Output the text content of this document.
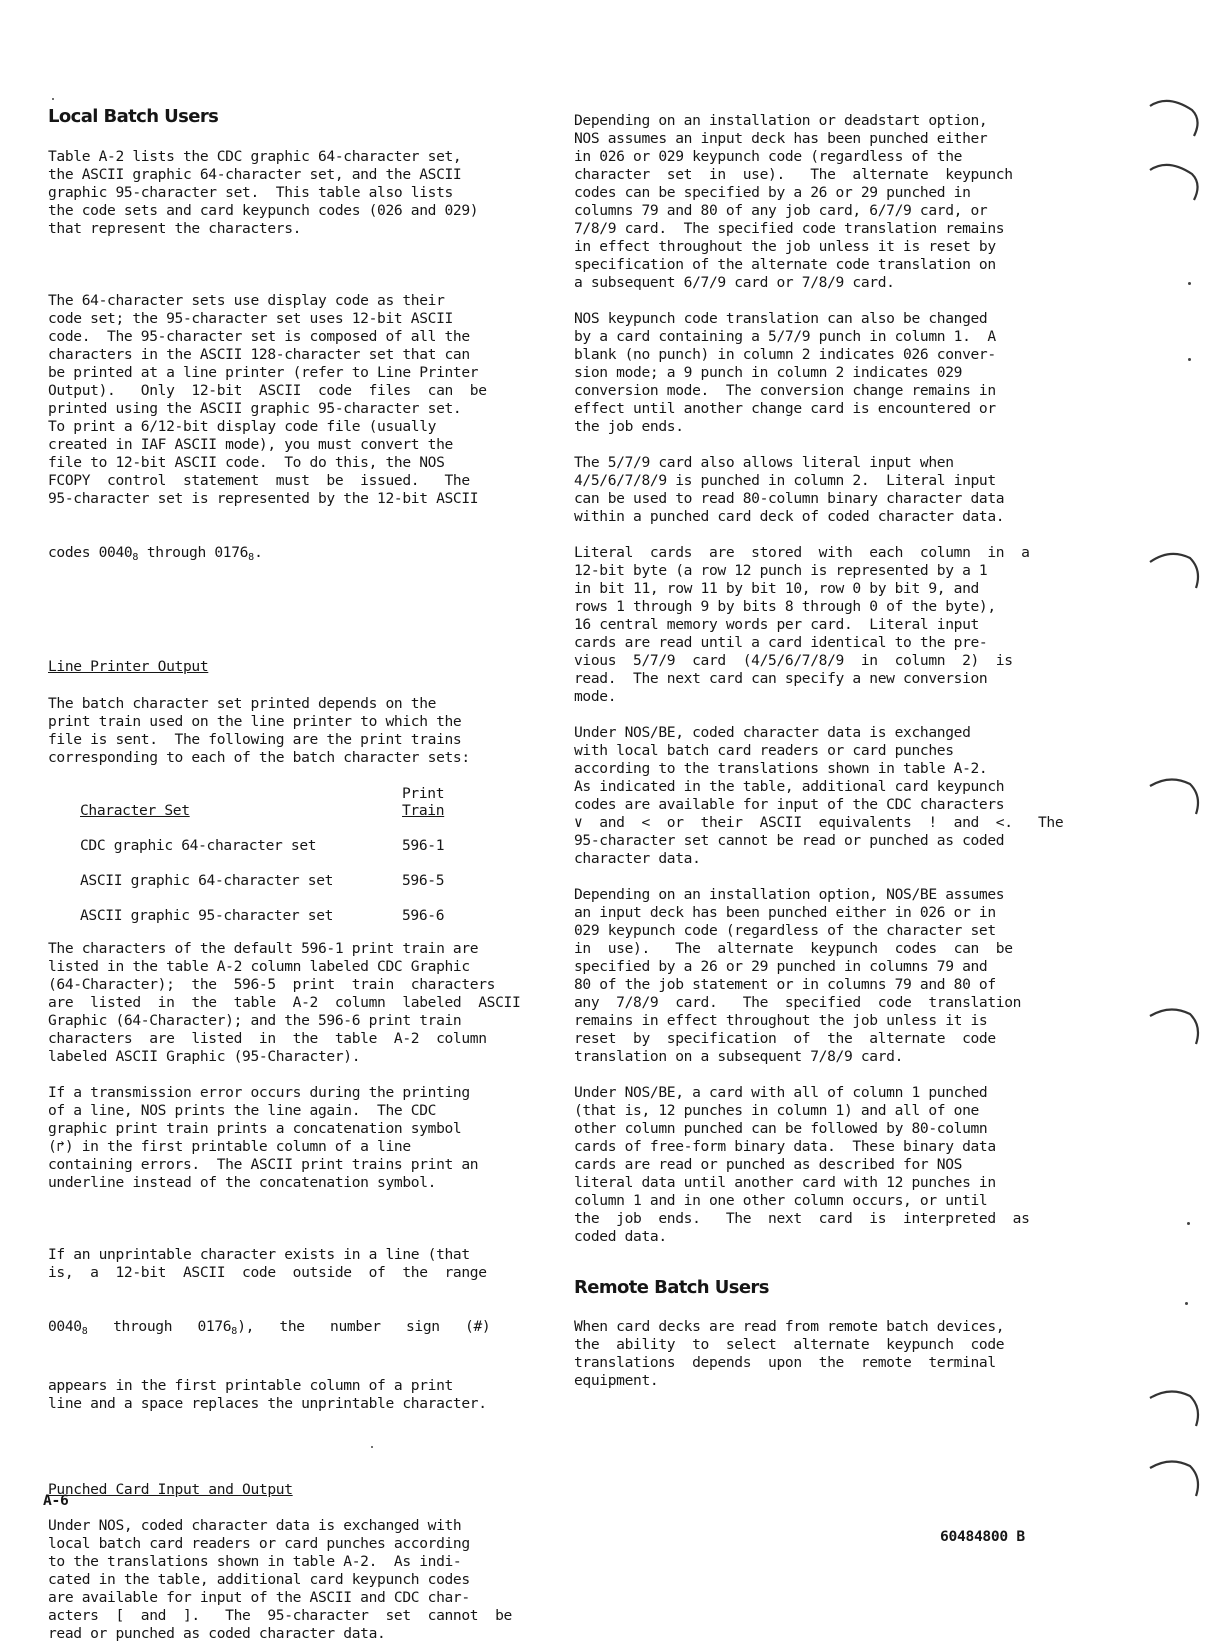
Local Batch Users
Table A-2 lists the CDC graphic 64-character set,
the ASCII graphic 64-character set, and the ASCII
graphic 95-character set.  This table also lists
the code sets and card keypunch codes (026 and 029)
that represent the characters.

The 64-character sets use display code as their
code set; the 95-character set uses 12-bit ASCII
code.  The 95-character set is composed of all the
characters in the ASCII 128-character set that can
be printed at a line printer (refer to Line Printer
Output).   Only  12-bit  ASCII  code  files  can  be
printed using the ASCII graphic 95-character set.
To print a 6/12-bit display code file (usually
created in IAF ASCII mode), you must convert the
file to 12-bit ASCII code.  To do this, the NOS
FCOPY  control  statement  must  be  issued.   The
95-character set is represented by the 12-bit ASCII

codes $0040_8$ through $0176_8$.

Line Printer Output
The batch character set printed depends on the
print train used on the line printer to which the
file is sent.  The following are the print trains
corresponding to each of the batch character sets:
Character Set	Print
Train

CDC graphic 64-character set	596-1
ASCII graphic 64-character set	596-5
ASCII graphic 95-character set	596-6
The characters of the default 596-1 print train are
listed in the table A-2 column labeled CDC Graphic
(64-Character);  the  596-5  print  train  characters
are  listed  in  the  table  A-2  column  labeled  ASCII
Graphic (64-Character); and the 596-6 print train
characters  are  listed  in  the  table  A-2  column
labeled ASCII Graphic (95-Character).
If a transmission error occurs during the printing
of a line, NOS prints the line again.  The CDC
graphic print train prints a concatenation symbol
(↱) in the first printable column of a line
containing errors.  The ASCII print trains print an
underline instead of the concatenation symbol.

If an unprintable character exists in a line (that
is,  a  12-bit  ASCII  code  outside  of  the  range

$0040_8$   through   $0176_8$),   the   number   sign   (#)

appears in the first printable column of a print
line and a space replaces the unprintable character.

Punched Card Input and Output
Under NOS, coded character data is exchanged with
local batch card readers or card punches according
to the translations shown in table A-2.  As indi-
cated in the table, additional card keypunch codes
are available for input of the ASCII and CDC char-
acters  [  and  ].   The  95-character  set  cannot  be
read or punched as coded character data.
Depending on an installation or deadstart option,
NOS assumes an input deck has been punched either
in 026 or 029 keypunch code (regardless of the
character  set  in  use).   The  alternate  keypunch
codes can be specified by a 26 or 29 punched in
columns 79 and 80 of any job card, 6/7/9 card, or
7/8/9 card.  The specified code translation remains
in effect throughout the job unless it is reset by
specification of the alternate code translation on
a subsequent 6/7/9 card or 7/8/9 card.
NOS keypunch code translation can also be changed
by a card containing a 5/7/9 punch in column 1.  A
blank (no punch) in column 2 indicates 026 conver-
sion mode; a 9 punch in column 2 indicates 029
conversion mode.  The conversion change remains in
effect until another change card is encountered or
the job ends.
The 5/7/9 card also allows literal input when
4/5/6/7/8/9 is punched in column 2.  Literal input
can be used to read 80-column binary character data
within a punched card deck of coded character data.
Literal  cards  are  stored  with  each  column  in  a
12-bit byte (a row 12 punch is represented by a 1
in bit 11, row 11 by bit 10, row 0 by bit 9, and
rows 1 through 9 by bits 8 through 0 of the byte),
16 central memory words per card.  Literal input
cards are read until a card identical to the pre-
vious  5/7/9  card  (4/5/6/7/8/9  in  column  2)  is
read.  The next card can specify a new conversion
mode.
Under NOS/BE, coded character data is exchanged
with local batch card readers or card punches
according to the translations shown in table A-2.
As indicated in the table, additional card keypunch
codes are available for input of the CDC characters
∨  and  <  or  their  ASCII  equivalents  !  and  <.   The
95-character set cannot be read or punched as coded
character data.
Depending on an installation option, NOS/BE assumes
an input deck has been punched either in 026 or in
029 keypunch code (regardless of the character set
in  use).   The  alternate  keypunch  codes  can  be
specified by a 26 or 29 punched in columns 79 and
80 of the job statement or in columns 79 and 80 of
any  7/8/9  card.   The  specified  code  translation
remains in effect throughout the job unless it is
reset  by  specification  of  the  alternate  code
translation on a subsequent 7/8/9 card.
Under NOS/BE, a card with all of column 1 punched
(that is, 12 punches in column 1) and all of one
other column punched can be followed by 80-column
cards of free-form binary data.  These binary data
cards are read or punched as described for NOS
literal data until another card with 12 punches in
column 1 and in one other column occurs, or until
the  job  ends.   The  next  card  is  interpreted  as
coded data.
Remote Batch Users
When card decks are read from remote batch devices,
the  ability  to  select  alternate  keypunch  code
translations  depends  upon  the  remote  terminal
equipment.
A-6
60484800 B
